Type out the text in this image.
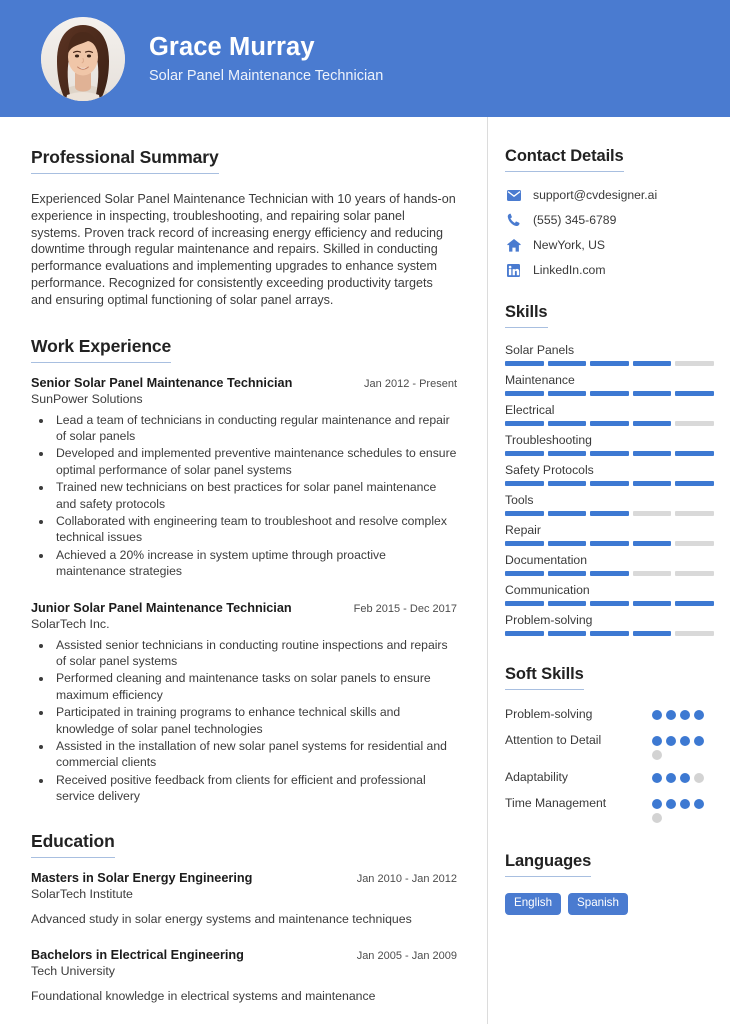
Grace Murray
Solar Panel Maintenance Technician
Professional Summary

Experienced Solar Panel Maintenance Technician with 10 years of hands-on experience in inspecting, troubleshooting, and repairing solar panel systems. Proven track record of increasing energy efficiency and reducing downtime through regular maintenance and repairs. Skilled in conducting performance evaluations and implementing upgrades to enhance system performance. Recognized for consistently exceeding productivity targets and ensuring optimal functioning of solar panel arrays.

Work Experience
Senior Solar Panel Maintenance Technician	Jan 2012 - Present
SunPower Solutions
• Lead a team of technicians in conducting regular maintenance and repair of solar panels
• Developed and implemented preventive maintenance schedules to ensure optimal performance of solar panel systems
• Trained new technicians on best practices for solar panel maintenance and safety protocols
• Collaborated with engineering team to troubleshoot and resolve complex technical issues
• Achieved a 20% increase in system uptime through proactive maintenance strategies
Junior Solar Panel Maintenance Technician	Feb 2015 - Dec 2017
SolarTech Inc.
• Assisted senior technicians in conducting routine inspections and repairs of solar panel systems
• Performed cleaning and maintenance tasks on solar panels to ensure maximum efficiency
• Participated in training programs to enhance technical skills and knowledge of solar panel technologies
• Assisted in the installation of new solar panel systems for residential and commercial clients
• Received positive feedback from clients for efficient and professional service delivery
Education
Masters in Solar Energy Engineering	Jan 2010 - Jan 2012
SolarTech Institute
Advanced study in solar energy systems and maintenance techniques
Bachelors in Electrical Engineering	Jan 2005 - Jan 2009
Tech University
Foundational knowledge in electrical systems and maintenance
Contact Details
support@cvdesigner.ai
(555) 345-6789
NewYork, US
LinkedIn.com
Skills
Solar Panels
Maintenance
Electrical
Troubleshooting
Safety Protocols
Tools
Repair
Documentation
Communication
Problem-solving
Soft Skills
Problem-solving
Attention to Detail
Adaptability
Time Management
Languages
English	Spanish
